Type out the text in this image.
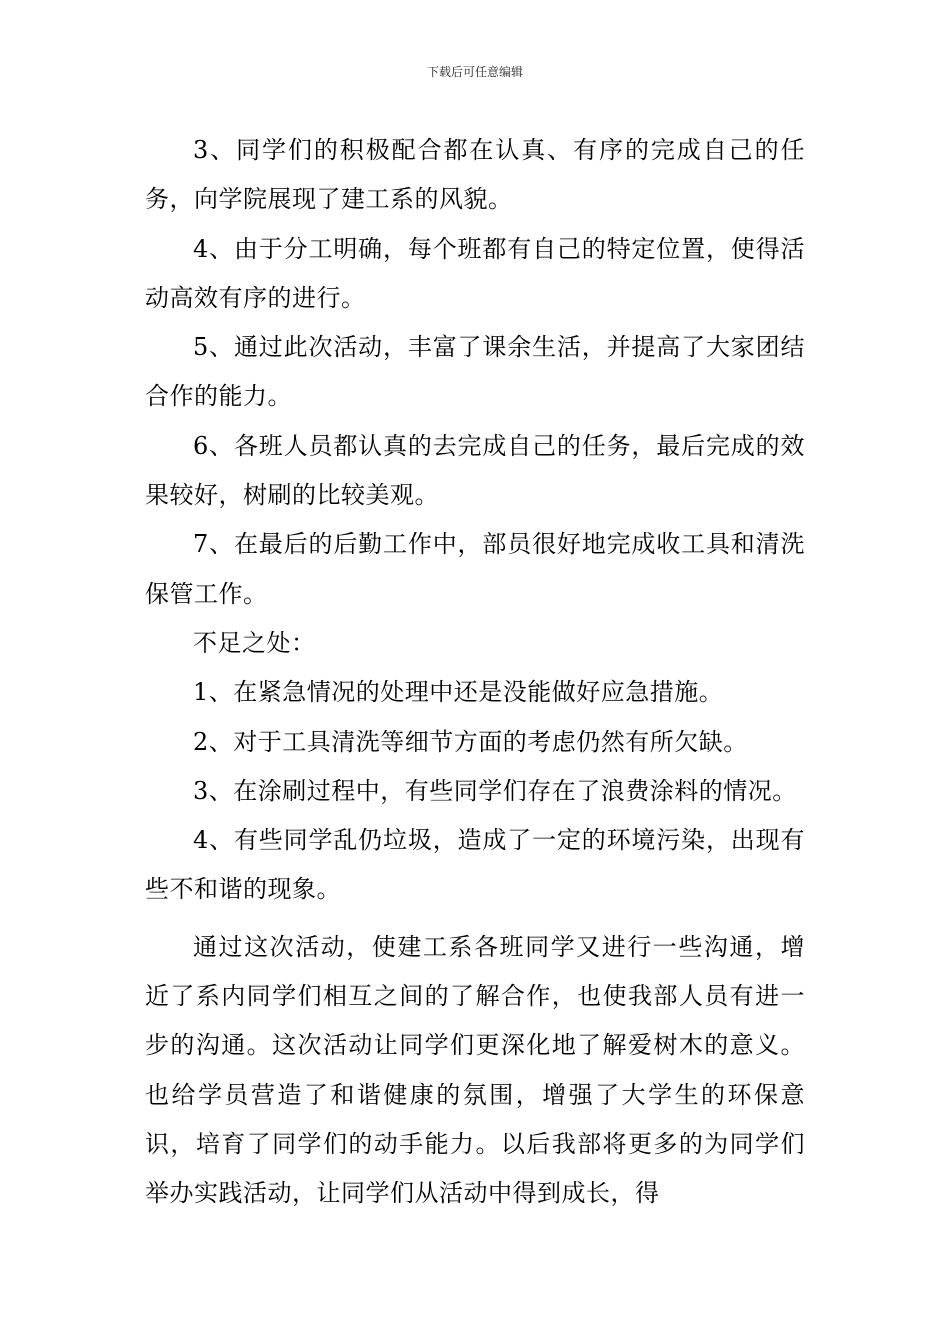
下载后可任意编辑

3、同学们的积极配合都在认真、有序的完成自己的任务，向学院展现了建工系的风貌。

4、由于分工明确，每个班都有自己的特定位置，使得活动高效有序的进行。

5、通过此次活动，丰富了课余生活，并提高了大家团结合作的能力。

6、各班人员都认真的去完成自己的任务，最后完成的效果较好，树刷的比较美观。

7、在最后的后勤工作中，部员很好地完成收工具和清洗保管工作。

不足之处：

1、在紧急情况的处理中还是没能做好应急措施。

2、对于工具清洗等细节方面的考虑仍然有所欠缺。

3、在涂刷过程中，有些同学们存在了浪费涂料的情况。

4、有些同学乱仍垃圾，造成了一定的环境污染，出现有些不和谐的现象。

通过这次活动，使建工系各班同学又进行一些沟通，增近了系内同学们相互之间的了解合作，也使我部人员有进一步的沟通。这次活动让同学们更深化地了解爱树木的意义。也给学员营造了和谐健康的氛围，增强了大学生的环保意识，培育了同学们的动手能力。以后我部将更多的为同学们举办实践活动，让同学们从活动中得到成长，得
